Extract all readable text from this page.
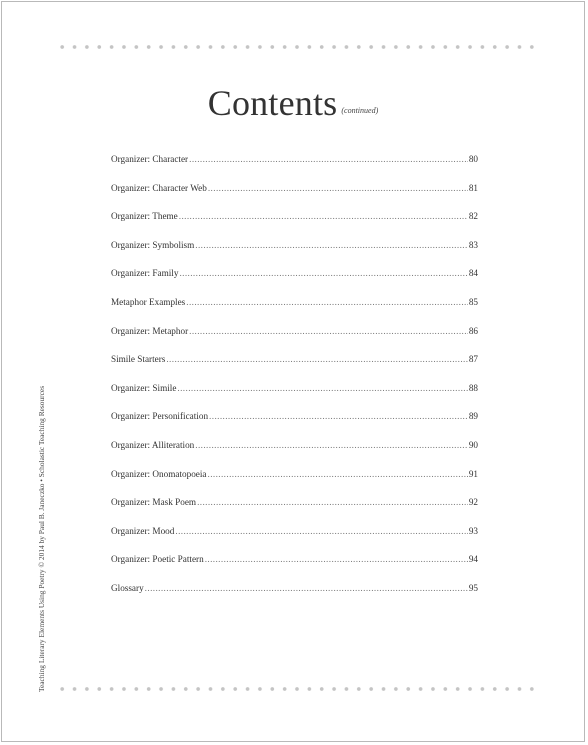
Contents (continued)
Organizer: Character .....	80
Organizer: Character Web .....	81
Organizer: Theme .....	82
Organizer: Symbolism .....	83
Organizer: Family .....	84
Metaphor Examples .....	85
Organizer: Metaphor .....	86
Simile Starters .....	87
Organizer: Simile .....	88
Organizer: Personification .....	89
Organizer: Alliteration .....	90
Organizer: Onomatopoeia .....	91
Organizer: Mask Poem .....	92
Organizer: Mood .....	93
Organizer: Poetic Pattern .....	94
Glossary .....	95
Teaching Literary Elements Using Poetry © 2014 by Paul B. Janeczko • Scholastic Teaching Resources
